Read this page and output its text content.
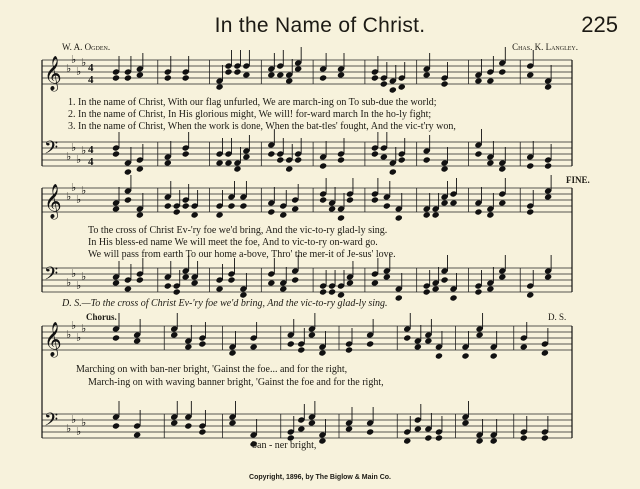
In the Name of Christ.	225
W. A. Ogden.	Chas. K. Langley.
𝄞 ♭
♭
♭
♭
𝄢 ♭
♭
♭
♭
4
4
4
4
𝄞 ♭
♭
♭
♭
𝄢 ♭
♭
♭
♭
𝄞 ♭
♭
♭
♭
𝄢 ♭
♭
♭
♭
1. In the name of Christ, With our flag unfurled, We are march-ing on To sub-due the world;
2. In the name of Christ, In His glorious might, We will! for-ward march In the ho-ly fight;
3. In the name of Christ, When the work is done, When the bat-tles' fought, And the vic-t'ry won,
FINE.
To the cross of Christ Ev-'ry foe we'd bring, And the vic-to-ry glad-ly sing.
In His bless-ed name We will meet the foe, And to vic-to-ry on-ward go.
We will pass from earth To our home a-bove, Thro' the mer-it of Je-sus' love.
D. S.—To the cross of Christ Ev-'ry foe we'd bring, And the vic-to-ry glad-ly sing.
Chorus.	D. S.
Marching on with ban-ner bright, 'Gainst the foe... and for the right,
March-ing on with waving banner bright, 'Gainst the foe and for the right,
ban - ner bright,
Copyright, 1896, by The Biglow & Main Co.
